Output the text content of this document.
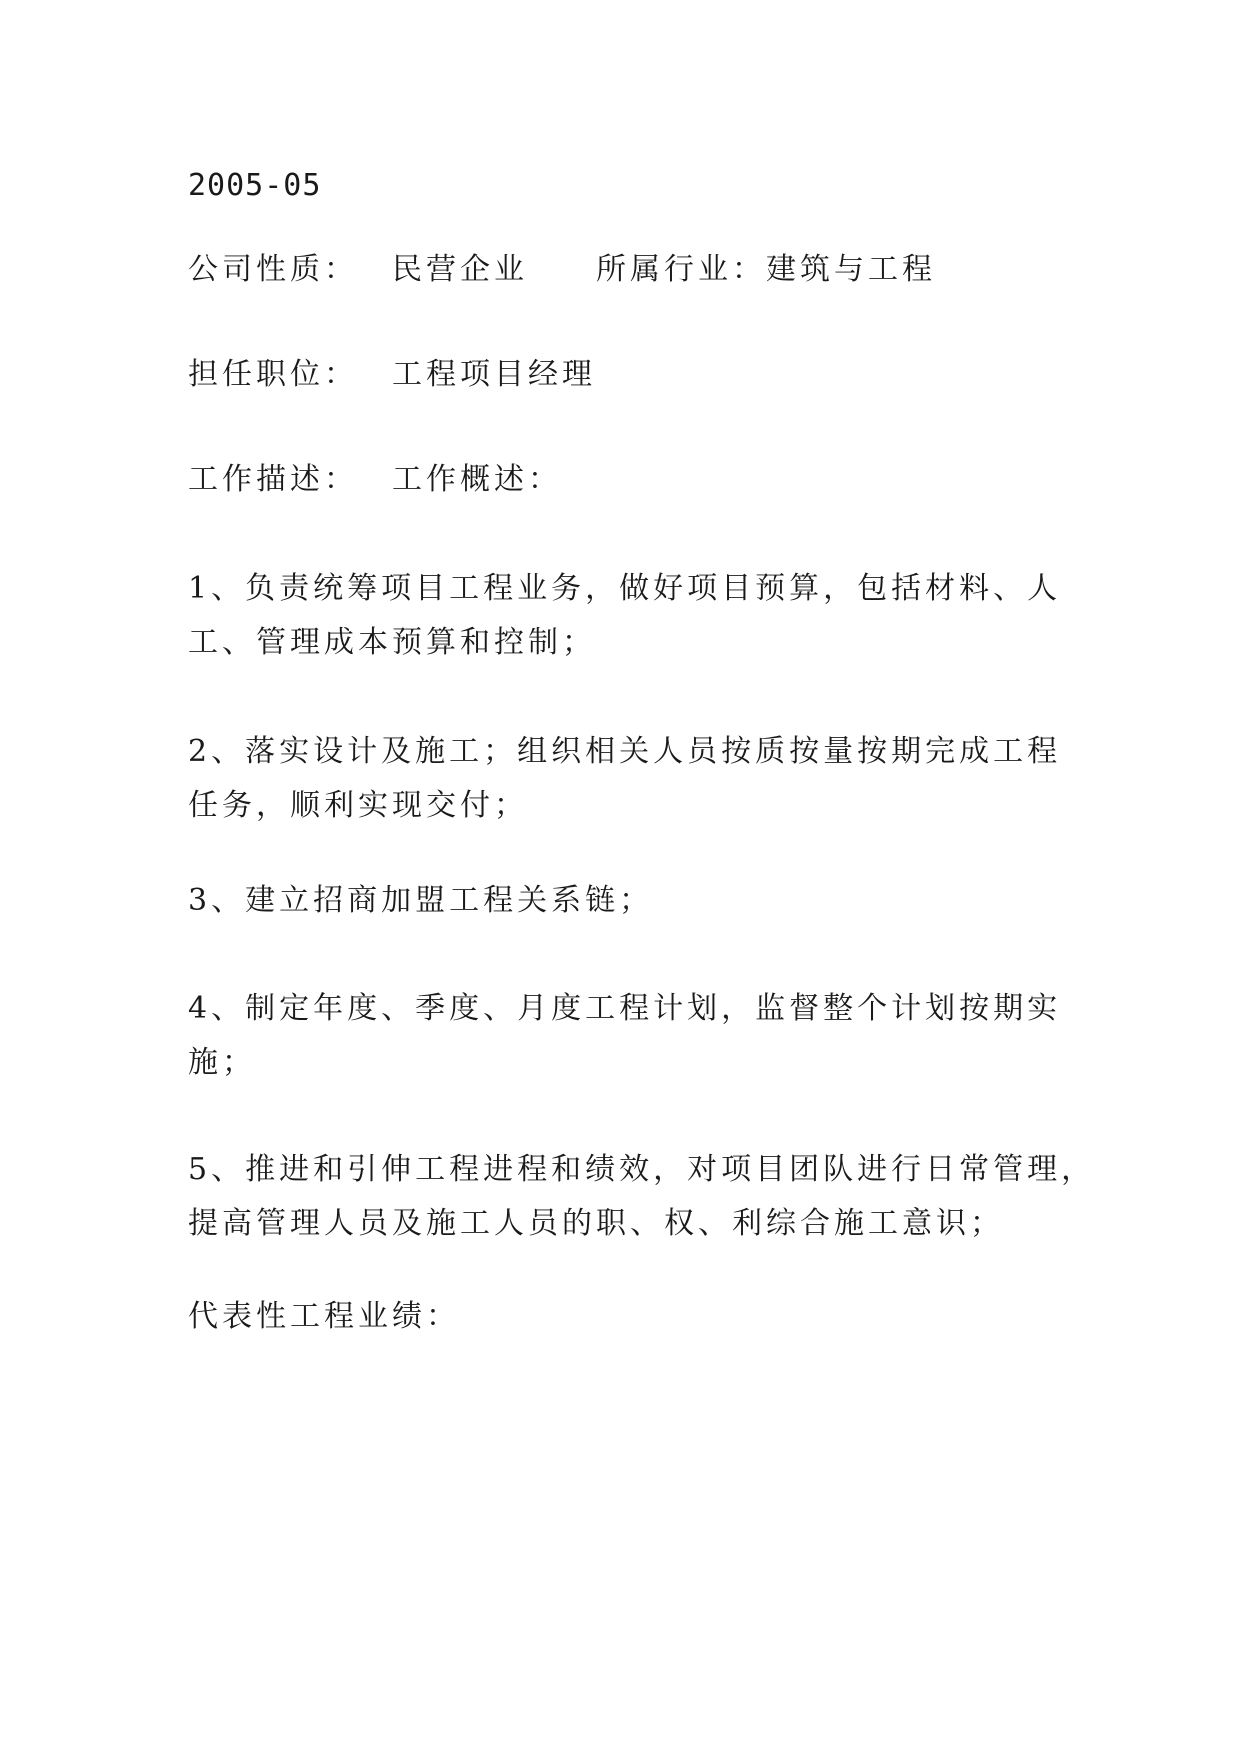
2005-05
公司性质： 民营企业 所属行业：建筑与工程
担任职位： 工程项目经理
工作描述： 工作概述：
1、负责统筹项目工程业务，做好项目预算，包括材料、人
工、管理成本预算和控制；
2、落实设计及施工；组织相关人员按质按量按期完成工程
任务，顺利实现交付；
3、建立招商加盟工程关系链；
4、制定年度、季度、月度工程计划，监督整个计划按期实
施；
5、推进和引伸工程进程和绩效，对项目团队进行日常管理，
提高管理人员及施工人员的职、权、利综合施工意识；
代表性工程业绩：
